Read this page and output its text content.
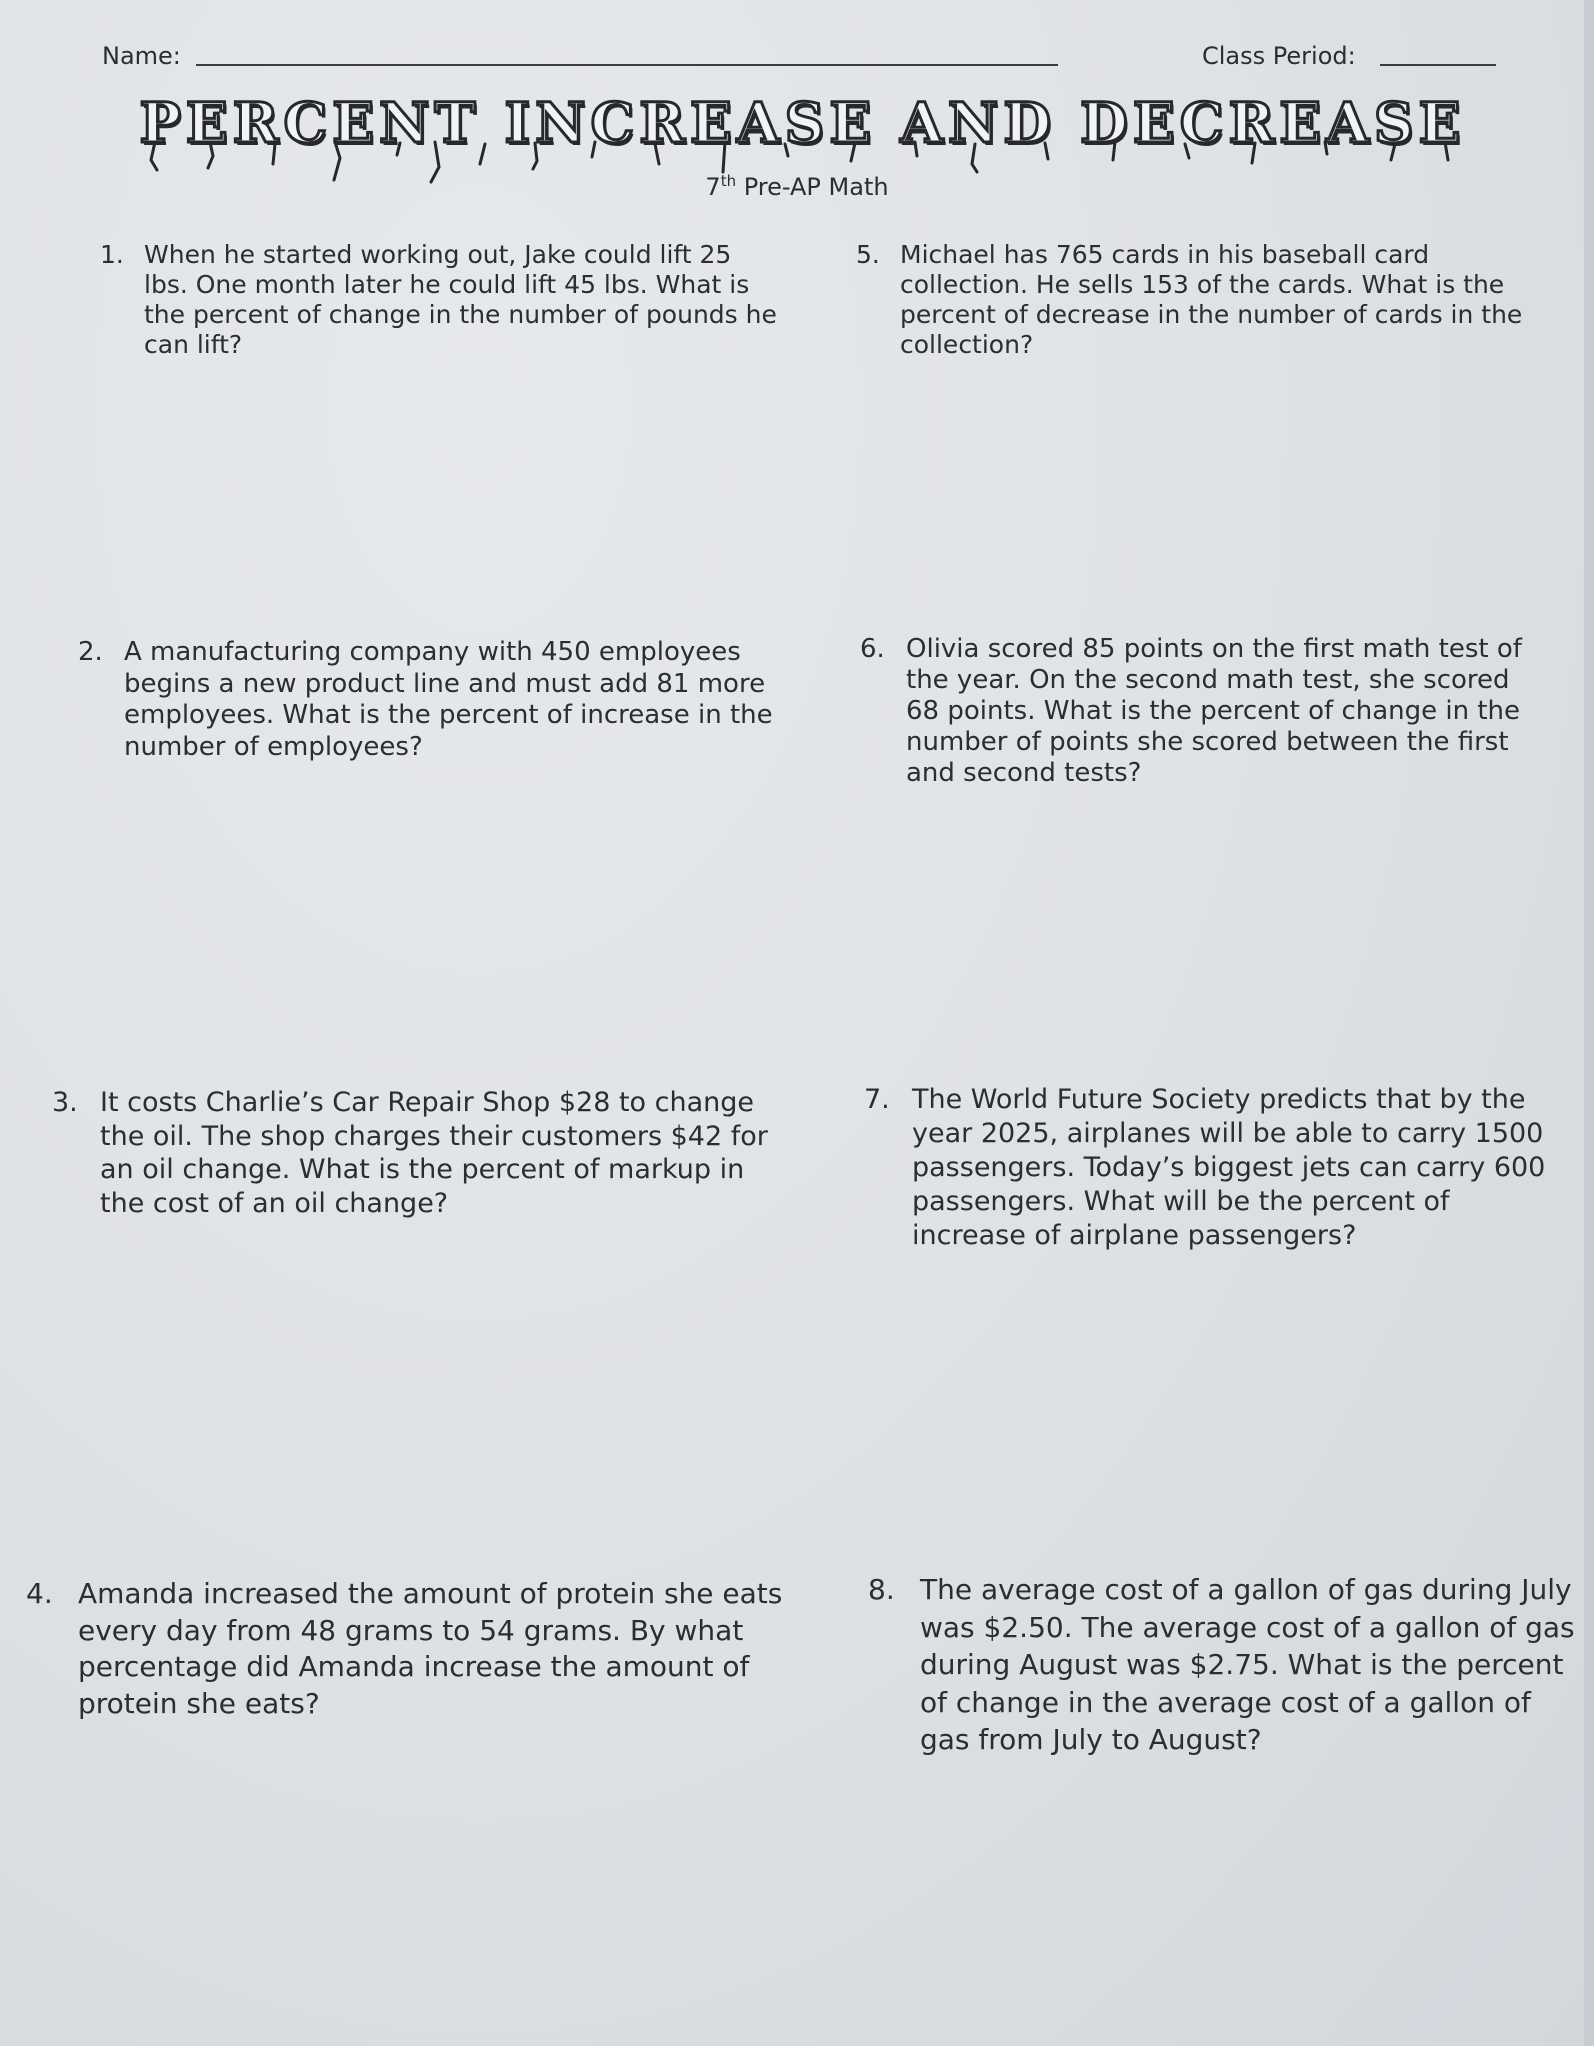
Name:	Class Period:
PERCENT INCREASE AND DECREASE
7th Pre-AP Math
1. When he started working out, Jake could lift 25 lbs. One month later he could lift 45 lbs. What is the percent of change in the number of pounds he can lift?
2. A manufacturing company with 450 employees begins a new product line and must add 81 more employees. What is the percent of increase in the number of employees?
3. It costs Charlie’s Car Repair Shop $28 to change the oil. The shop charges their customers $42 for an oil change. What is the percent of markup in the cost of an oil change?
4. Amanda increased the amount of protein she eats every day from 48 grams to 54 grams. By what percentage did Amanda increase the amount of protein she eats?
5. Michael has 765 cards in his baseball card collection. He sells 153 of the cards. What is the percent of decrease in the number of cards in the collection?
6. Olivia scored 85 points on the first math test of the year. On the second math test, she scored 68 points. What is the percent of change in the number of points she scored between the first and second tests?
7. The World Future Society predicts that by the year 2025, airplanes will be able to carry 1500 passengers. Today’s biggest jets can carry 600 passengers. What will be the percent of increase of airplane passengers?
8. The average cost of a gallon of gas during July was $2.50. The average cost of a gallon of gas during August was $2.75. What is the percent of change in the average cost of a gallon of gas from July to August?
